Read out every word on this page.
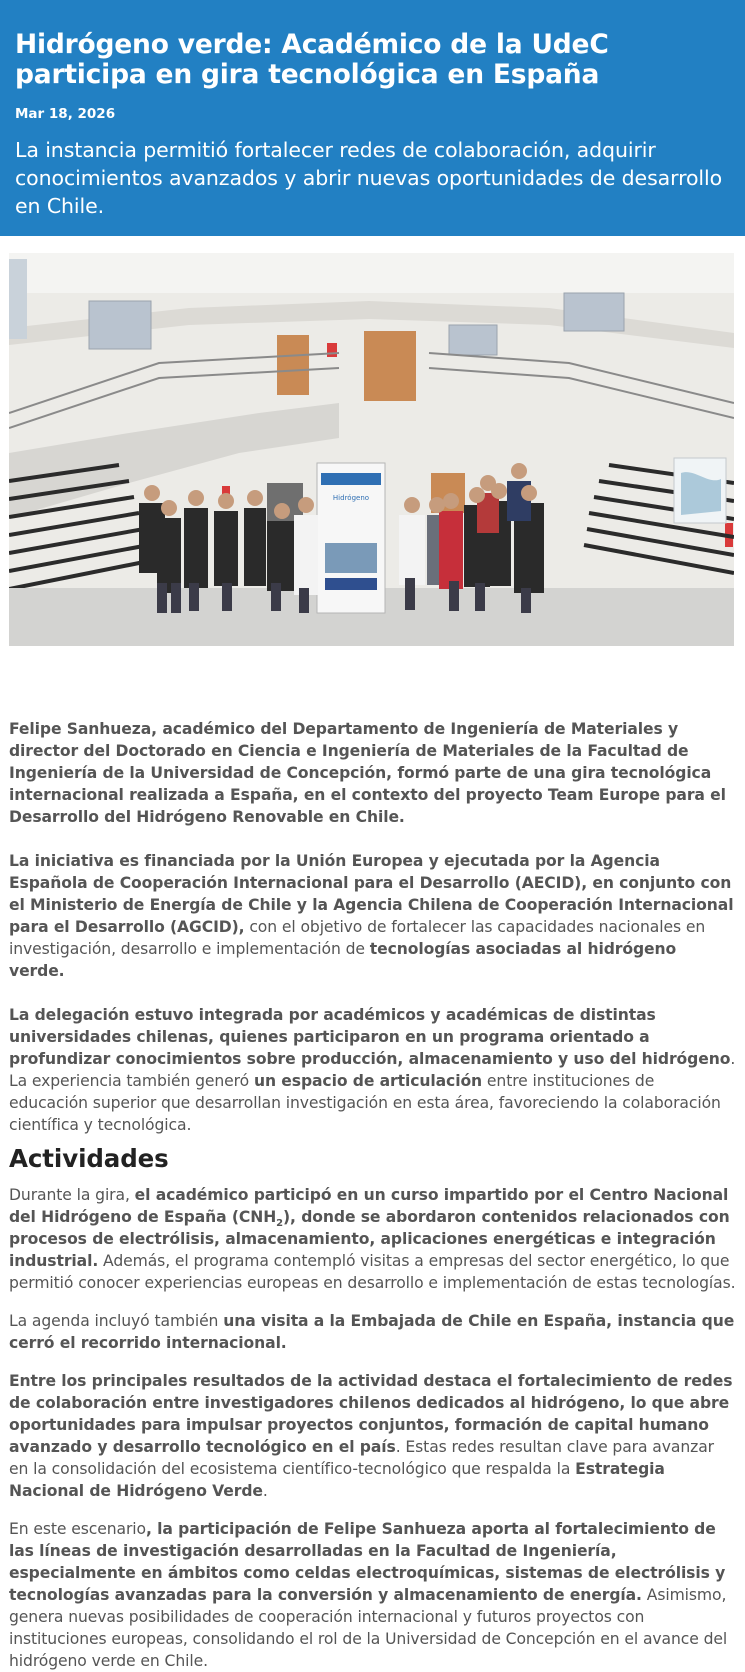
Hidrógeno verde: Académico de la UdeC participa en gira tecnológica en España
Mar 18, 2026
La instancia permitió fortalecer redes de colaboración, adquirir conocimientos avanzados y abrir nuevas oportunidades de desarrollo en Chile.
Hidrógeno

Felipe Sanhueza, académico del Departamento de Ingeniería de Materiales y director del Doctorado en Ciencia e Ingeniería de Materiales de la Facultad de Ingeniería de la Universidad de Concepción, formó parte de una gira tecnológica internacional realizada a España, en el contexto del proyecto Team Europe para el Desarrollo del Hidrógeno Renovable en Chile.

La iniciativa es financiada por la Unión Europea y ejecutada por la Agencia Española de Cooperación Internacional para el Desarrollo (AECID), en conjunto con el Ministerio de Energía de Chile y la Agencia Chilena de Cooperación Internacional para el Desarrollo (AGCID), con el objetivo de fortalecer las capacidades nacionales en investigación, desarrollo e implementación de tecnologías asociadas al hidrógeno verde.

La delegación estuvo integrada por académicos y académicas de distintas universidades chilenas, quienes participaron en un programa orientado a profundizar conocimientos sobre producción, almacenamiento y uso del hidrógeno. La experiencia también generó un espacio de articulación entre instituciones de educación superior que desarrollan investigación en esta área, favoreciendo la colaboración científica y tecnológica.

Actividades

Durante la gira, el académico participó en un curso impartido por el Centro Nacional del Hidrógeno de España $(CNH_2)$, donde se abordaron contenidos relacionados con procesos de electrólisis, almacenamiento, aplicaciones energéticas e integración industrial. Además, el programa contempló visitas a empresas del sector energético, lo que permitió conocer experiencias europeas en desarrollo e implementación de estas tecnologías.

La agenda incluyó también una visita a la Embajada de Chile en España, instancia que cerró el recorrido internacional.

Entre los principales resultados de la actividad destaca el fortalecimiento de redes de colaboración entre investigadores chilenos dedicados al hidrógeno, lo que abre oportunidades para impulsar proyectos conjuntos, formación de capital humano avanzado y desarrollo tecnológico en el país. Estas redes resultan clave para avanzar en la consolidación del ecosistema científico-tecnológico que respalda la Estrategia Nacional de Hidrógeno Verde.

En este escenario, la participación de Felipe Sanhueza aporta al fortalecimiento de las líneas de investigación desarrolladas en la Facultad de Ingeniería, especialmente en ámbitos como celdas electroquímicas, sistemas de electrólisis y tecnologías avanzadas para la conversión y almacenamiento de energía. Asimismo, genera nuevas posibilidades de cooperación internacional y futuros proyectos con instituciones europeas, consolidando el rol de la Universidad de Concepción en el avance del hidrógeno verde en Chile.
